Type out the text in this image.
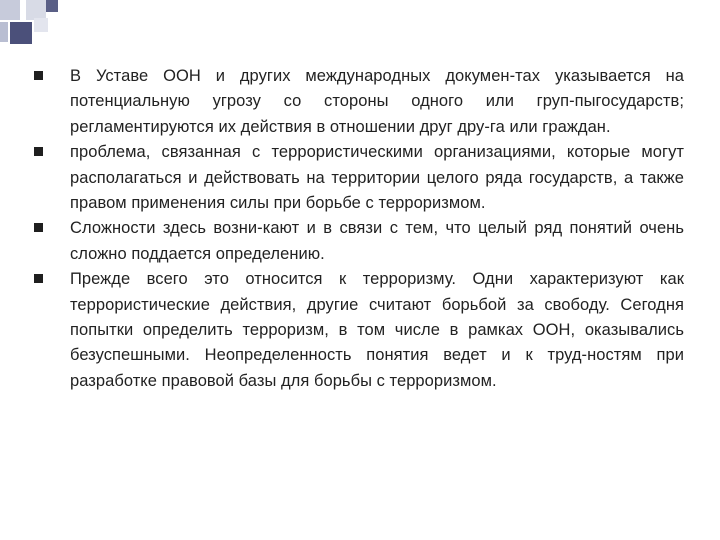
В Уставе ООН и других международных докумен-тах указывается на потенциальную угрозу со стороны одного или груп-пыгосударств; регламентируются их действия в отношении друг дру-га или граждан.
проблема, связанная с террористическими организациями, которые могут располагаться и действовать на территории целого ряда государств, а также правом применения силы при борьбе с терроризмом.
Сложности здесь возни-кают и в связи с тем, что целый ряд понятий очень сложно поддается определению.
Прежде всего это относится к терроризму. Одни характеризуют как террористические действия, другие считают борьбой за свободу. Сегодня попытки определить терроризм, в том числе в рамках ООН, оказывались безуспешными. Неопределенность понятия ведет и к труд-ностям при разработке правовой базы для борьбы с терроризмом.
